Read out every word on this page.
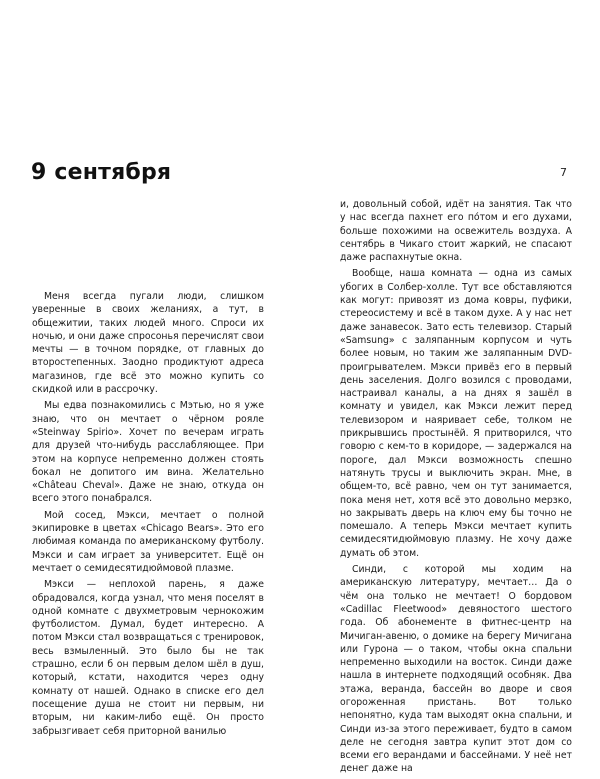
9 сентября	7

Меня всегда пугали люди, слишком уверенные в своих желаниях, а тут, в общежитии, таких людей много. Спроси их ночью, и они даже спросонья перечислят свои мечты — в точном порядке, от главных до второстепенных. Заодно продиктуют адреса магазинов, где всё это можно купить со скидкой или в рассрочку.

Мы едва познакомились с Мэтью, но я уже знаю, что он мечтает о чёрном рояле «Steinway Spirio». Хочет по вечерам играть для друзей что-нибудь расслабляющее. При этом на корпусе непременно должен стоять бокал не допитого им вина. Желательно «Château Cheval». Даже не знаю, откуда он всего этого понабрался.

Мой сосед, Мэкси, мечтает о полной экипировке в цветах «Chicago Bears». Это его любимая команда по американскому футболу. Мэкси и сам играет за университет. Ещё он мечтает о семидесятидюймовой плазме.

Мэкси — неплохой парень, я даже обрадовался, когда узнал, что меня поселят в одной комнате с двухметровым чернокожим футболистом. Думал, будет интересно. А потом Мэкси стал возвращаться с тренировок, весь взмыленный. Это было бы не так страшно, если б он первым делом шёл в душ, который, кстати, находится через одну комнату от нашей. Однако в списке его дел посещение душа не стоит ни первым, ни вторым, ни каким-либо ещё. Он просто забрызгивает себя приторной ванилью

и, довольный собой, идёт на занятия. Так что у нас всегда пахнет его по́том и его духами, больше похожими на освежитель воздуха. А сентябрь в Чикаго стоит жаркий, не спасают даже распахнутые окна.

Вообще, наша комната — одна из самых убогих в Солбер-холле. Тут все обставляются как могут: привозят из дома ковры, пуфики, стереосистему и всё в таком духе. А у нас нет даже занавесок. Зато есть телевизор. Старый «Samsung» с заляпанным корпусом и чуть более новым, но таким же заляпанным DVD-проигрывателем. Мэкси привёз его в первый день заселения. Долго возился с проводами, настраивал каналы, а на днях я зашёл в комнату и увидел, как Мэкси лежит перед телевизором и наяривает себе, толком не прикрывшись простынёй. Я притворился, что говорю с кем-то в коридоре, — задержался на пороге, дал Мэкси возможность спешно натянуть трусы и выключить экран. Мне, в общем-то, всё равно, чем он тут занимается, пока меня нет, хотя всё это довольно мерзко, но закрывать дверь на ключ ему бы точно не помешало. А теперь Мэкси мечтает купить семидесятидюймовую плазму. Не хочу даже думать об этом.

Синди, с которой мы ходим на американскую литературу, мечтает… Да о чём она только не мечтает! О бордовом «Cadillac Fleetwood» девяностого шестого года. Об абонементе в фитнес-центр на Мичиган-авеню, о домике на берегу Мичигана или Гурона — о таком, чтобы окна спальни непременно выходили на восток. Синди даже нашла в интернете подходящий особняк. Два этажа, веранда, бассейн во дворе и своя огороженная пристань. Вот только непонятно, куда там выходят окна спальни, и Синди из-за этого переживает, будто в самом деле не сегодня завтра купит этот дом со всеми его верандами и бассейнами. У неё нет денег даже на
